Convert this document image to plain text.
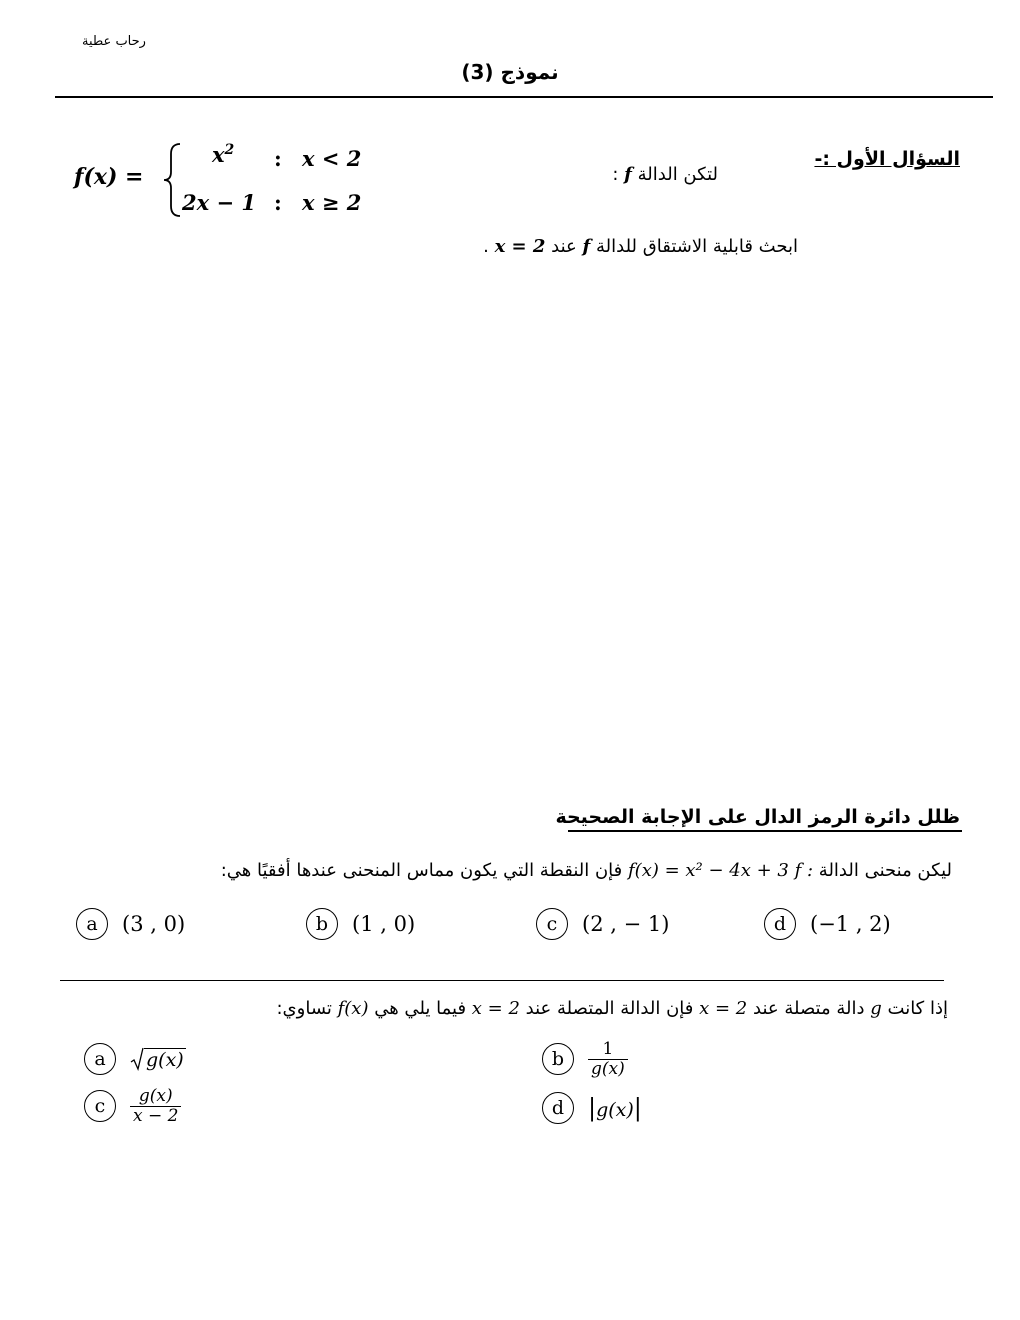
رحاب عطية
نموذج (3)
السؤال الأول :-
لتكن الدالة f :
f(x) =
$x^2$ : x < 2
2x − 1 : x ≥ 2
ابحث قابلية الاشتقاق للدالة f عند x = 2 .
ظلل دائرة الرمز الدال على الإجابة الصحيحة
ليكن منحنى الدالة f : f(x) = x² − 4x + 3 فإن النقطة التي يكون مماس المنحنى عندها أفقيًا هي:
a	(3 , 0)	b	(1 , 0)	c	(2 , − 1)	d	(−1 , 2)
إذا كانت g دالة متصلة عند x = 2 فإن الدالة المتصلة عند x = 2 فيما يلي هي f(x) تساوي:
a	g(x)	b	$\frac{1}{g(x)}$
c	$\frac{g(x)}{x - 2}$	d |g(x)|
